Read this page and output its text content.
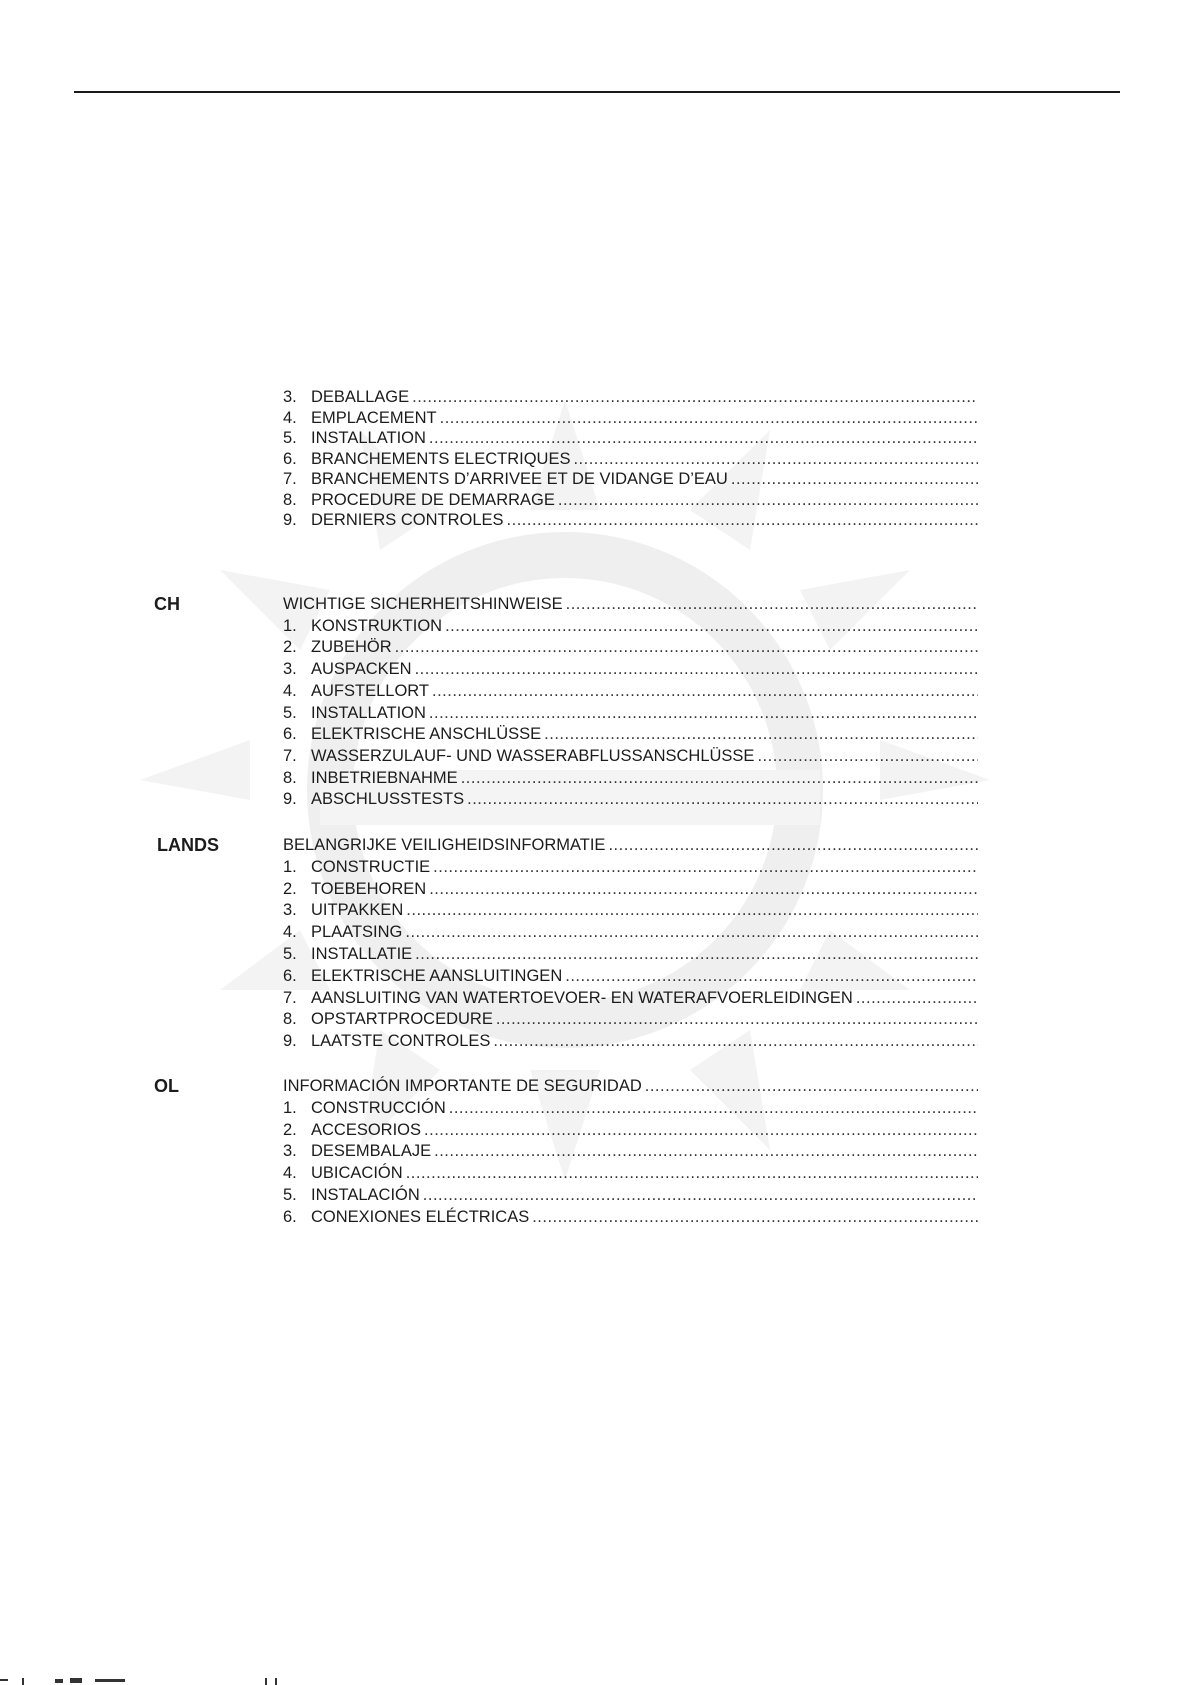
3. DEBALLAGE
.....
4. EMPLACEMENT
.....
5. INSTALLATION
.....
6. BRANCHEMENTS ELECTRIQUES
.....
7. BRANCHEMENTS D’ARRIVEE ET DE VIDANGE D’EAU
.....
8. PROCEDURE DE DEMARRAGE
.....
9. DERNIERS CONTROLES
.....
CH	WICHTIGE SICHERHEITSHINWEISE
.....
1. KONSTRUKTION
.....
2. ZUBEHÖR
.....
3. AUSPACKEN
.....
4. AUFSTELLORT
.....
5. INSTALLATION
.....
6. ELEKTRISCHE ANSCHLÜSSE
.....
7. WASSERZULAUF- UND WASSERABFLUSSANSCHLÜSSE
.....
8. INBETRIEBNAHME
.....
9. ABSCHLUSSTESTS
.....
LANDS	BELANGRIJKE VEILIGHEIDSINFORMATIE
.....
1. CONSTRUCTIE
.....
2. TOEBEHOREN
.....
3. UITPAKKEN
.....
4. PLAATSING
.....
5. INSTALLATIE
.....
6. ELEKTRISCHE AANSLUITINGEN
.....
7. AANSLUITING VAN WATERTOEVOER- EN WATERAFVOERLEIDINGEN
.....
8. OPSTARTPROCEDURE
.....
9. LAATSTE CONTROLES
.....
OL	INFORMACIÓN IMPORTANTE DE SEGURIDAD
.....
1. CONSTRUCCIÓN
.....
2. ACCESORIOS
.....
3. DESEMBALAJE
.....
4. UBICACIÓN
.....
5. INSTALACIÓN
.....
6. CONEXIONES ELÉCTRICAS
.....
